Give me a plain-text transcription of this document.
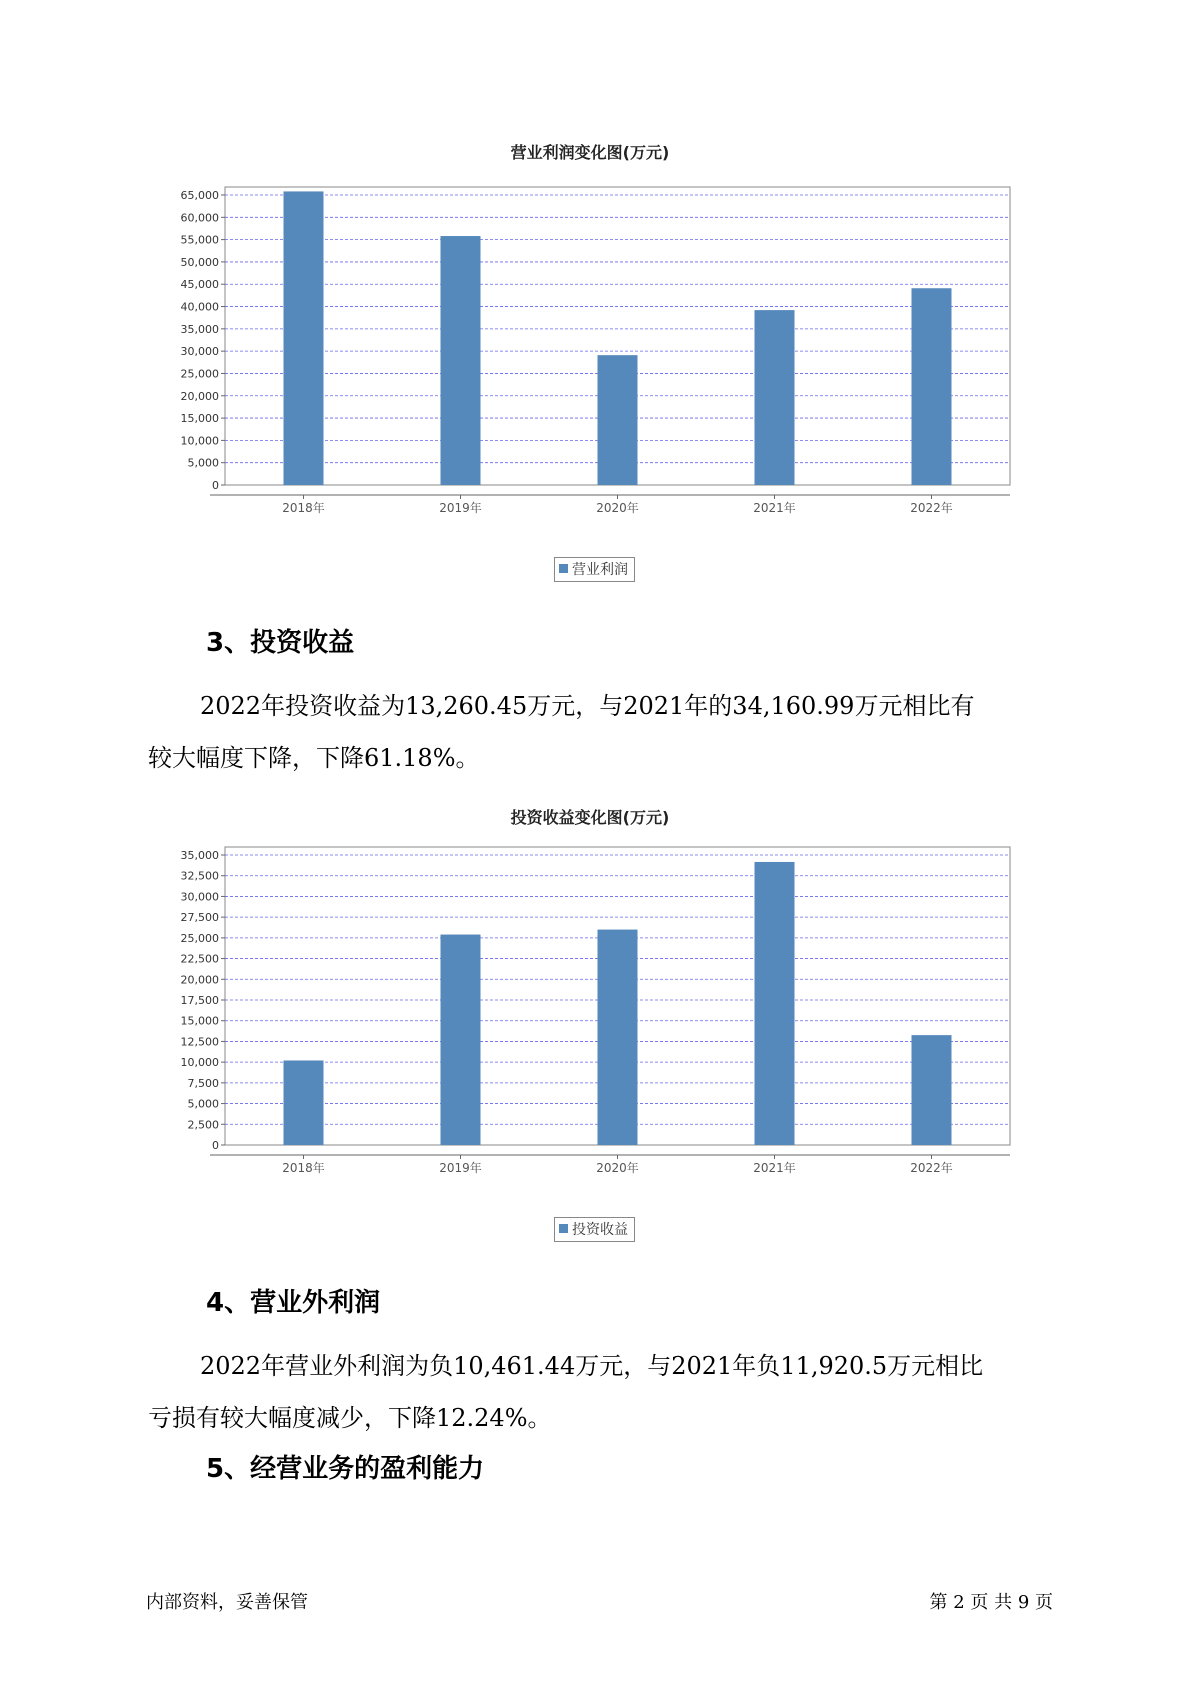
营业利润变化图(万元)
0
5,000
10,000
15,000
20,000
25,000
30,000
35,000
40,000
45,000
50,000
55,000
60,000
65,000
2018年	2019年	2020年	2021年	2022年
营业利润
3、投资收益
2022年投资收益为13,260.45万元，与2021年的34,160.99万元相比有
较大幅度下降，下降61.18%。
投资收益变化图(万元)
0
2,500
5,000
7,500
10,000
12,500
15,000
17,500
20,000
22,500
25,000
27,500
30,000
32,500
35,000
2018年	2019年	2020年	2021年	2022年
投资收益
4、营业外利润
2022年营业外利润为负10,461.44万元，与2021年负11,920.5万元相比
亏损有较大幅度减少，下降12.24%。
5、经营业务的盈利能力
内部资料，妥善保管	第 2 页 共 9 页
